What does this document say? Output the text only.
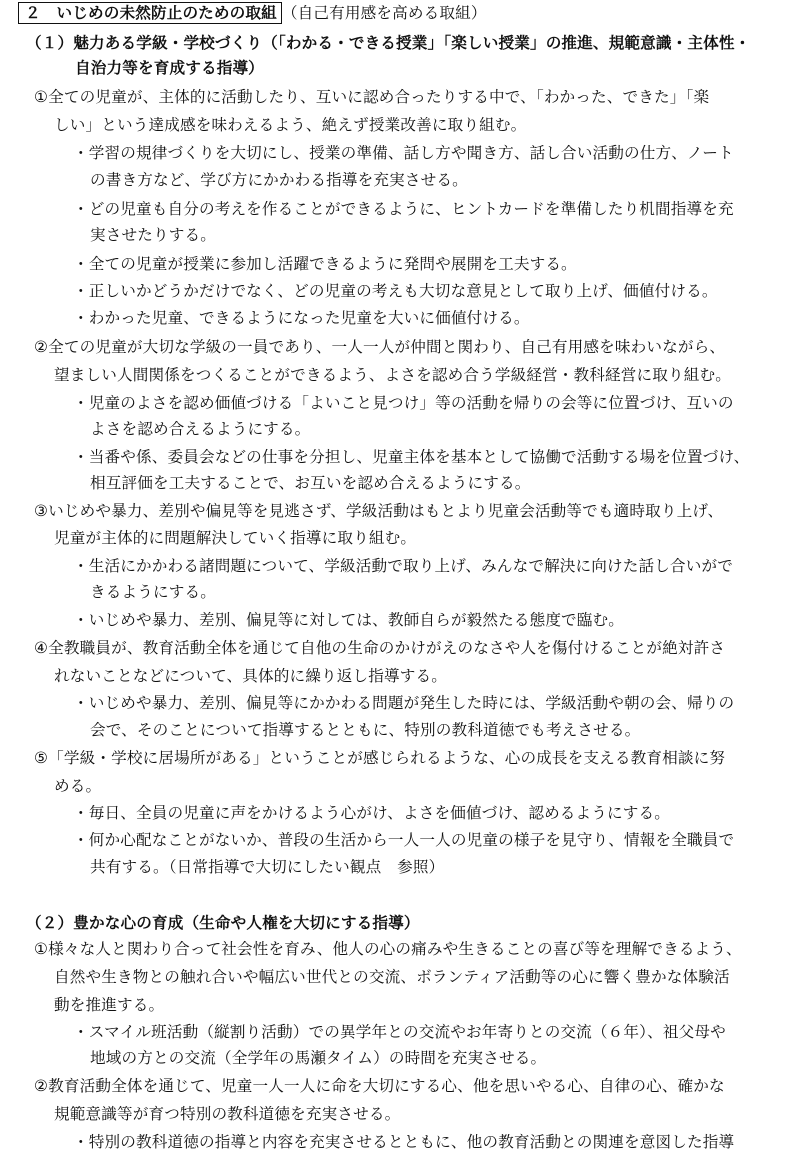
２　いじめの未然防止のための取組 （自己有用感を高める取組）
（１）魅力ある学級・学校づくり（「わかる・できる授業」「楽しい授業」の推進、規範意識・主体性・
自治力等を育成する指導）
①全ての児童が、主体的に活動したり、互いに認め合ったりする中で、「わかった、できた」「楽
しい」という達成感を味わえるよう、絶えず授業改善に取り組む。
・学習の規律づくりを大切にし、授業の準備、話し方や聞き方、話し合い活動の仕方、ノート
の書き方など、学び方にかかわる指導を充実させる。
・どの児童も自分の考えを作ることができるように、ヒントカードを準備したり机間指導を充
実させたりする。
・全ての児童が授業に参加し活躍できるように発問や展開を工夫する。
・正しいかどうかだけでなく、どの児童の考えも大切な意見として取り上げ、価値付ける。
・わかった児童、できるようになった児童を大いに価値付ける。
②全ての児童が大切な学級の一員であり、一人一人が仲間と関わり、自己有用感を味わいながら、
望ましい人間関係をつくることができるよう、よさを認め合う学級経営・教科経営に取り組む。
・児童のよさを認め価値づける「よいこと見つけ」等の活動を帰りの会等に位置づけ、互いの
よさを認め合えるようにする。
・当番や係、委員会などの仕事を分担し、児童主体を基本として協働で活動する場を位置づけ、
相互評価を工夫することで、お互いを認め合えるようにする。
③いじめや暴力、差別や偏見等を見逃さず、学級活動はもとより児童会活動等でも適時取り上げ、
児童が主体的に問題解決していく指導に取り組む。
・生活にかかわる諸問題について、学級活動で取り上げ、みんなで解決に向けた話し合いがで
きるようにする。
・いじめや暴力、差別、偏見等に対しては、教師自らが毅然たる態度で臨む。
④全教職員が、教育活動全体を通じて自他の生命のかけがえのなさや人を傷付けることが絶対許さ
れないことなどについて、具体的に繰り返し指導する。
・いじめや暴力、差別、偏見等にかかわる問題が発生した時には、学級活動や朝の会、帰りの
会で、そのことについて指導するとともに、特別の教科道徳でも考えさせる。
⑤「学級・学校に居場所がある」ということが感じられるような、心の成長を支える教育相談に努
める。
・毎日、全員の児童に声をかけるよう心がけ、よさを価値づけ、認めるようにする。
・何か心配なことがないか、普段の生活から一人一人の児童の様子を見守り、情報を全職員で
共有する。（日常指導で大切にしたい観点　参照）
（２）豊かな心の育成（生命や人権を大切にする指導）
①様々な人と関わり合って社会性を育み、他人の心の痛みや生きることの喜び等を理解できるよう、
自然や生き物との触れ合いや幅広い世代との交流、ボランティア活動等の心に響く豊かな体験活
動を推進する。
・スマイル班活動（縦割り活動）での異学年との交流やお年寄りとの交流（６年）、祖父母や
地域の方との交流（全学年の馬瀬タイム）の時間を充実させる。
②教育活動全体を通じて、児童一人一人に命を大切にする心、他を思いやる心、自律の心、確かな
規範意識等が育つ特別の教科道徳を充実させる。
・特別の教科道徳の指導と内容を充実させるとともに、他の教育活動との関連を意図した指導
